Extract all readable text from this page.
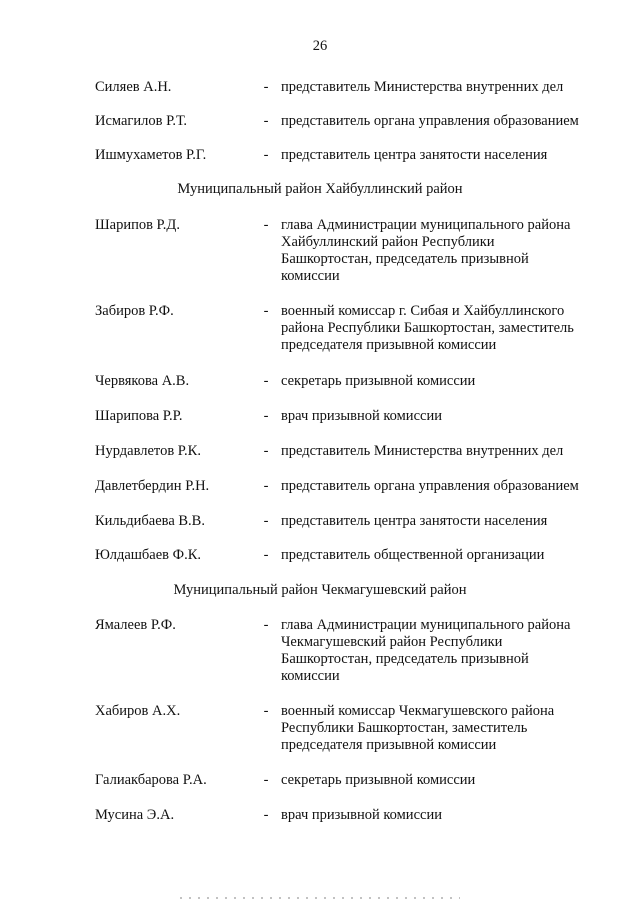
26
Силяев А.Н.	- представитель Министерства внутренних дел
Исмагилов Р.Т.	- представитель органа управления образованием
Ишмухаметов Р.Г.	- представитель центра занятости населения
Муниципальный район Хайбуллинский район
Шарипов Р.Д.	- глава Администрации муниципального района
Хайбуллинский район Республики
Башкортостан, председатель призывной
комиссии
Забиров Р.Ф.	- военный комиссар г. Сибая и Хайбуллинского
района Республики Башкортостан, заместитель
председателя призывной комиссии
Червякова А.В.	- секретарь призывной комиссии
Шарипова Р.Р.	- врач призывной комиссии
Нурдавлетов Р.К.	- представитель Министерства внутренних дел
Давлетбердин Р.Н.	- представитель органа управления образованием
Кильдибаева В.В.	- представитель центра занятости населения
Юлдашбаев Ф.К.	- представитель общественной организации
Муниципальный район Чекмагушевский район
Ямалеев Р.Ф.	- глава Администрации муниципального района
Чекмагушевский район Республики
Башкортостан, председатель призывной
комиссии
Хабиров А.Х.	- военный комиссар Чекмагушевского района
Республики Башкортостан, заместитель
председателя призывной комиссии
Галиакбарова Р.А.	- секретарь призывной комиссии
Мусина Э.А.	- врач призывной комиссии
